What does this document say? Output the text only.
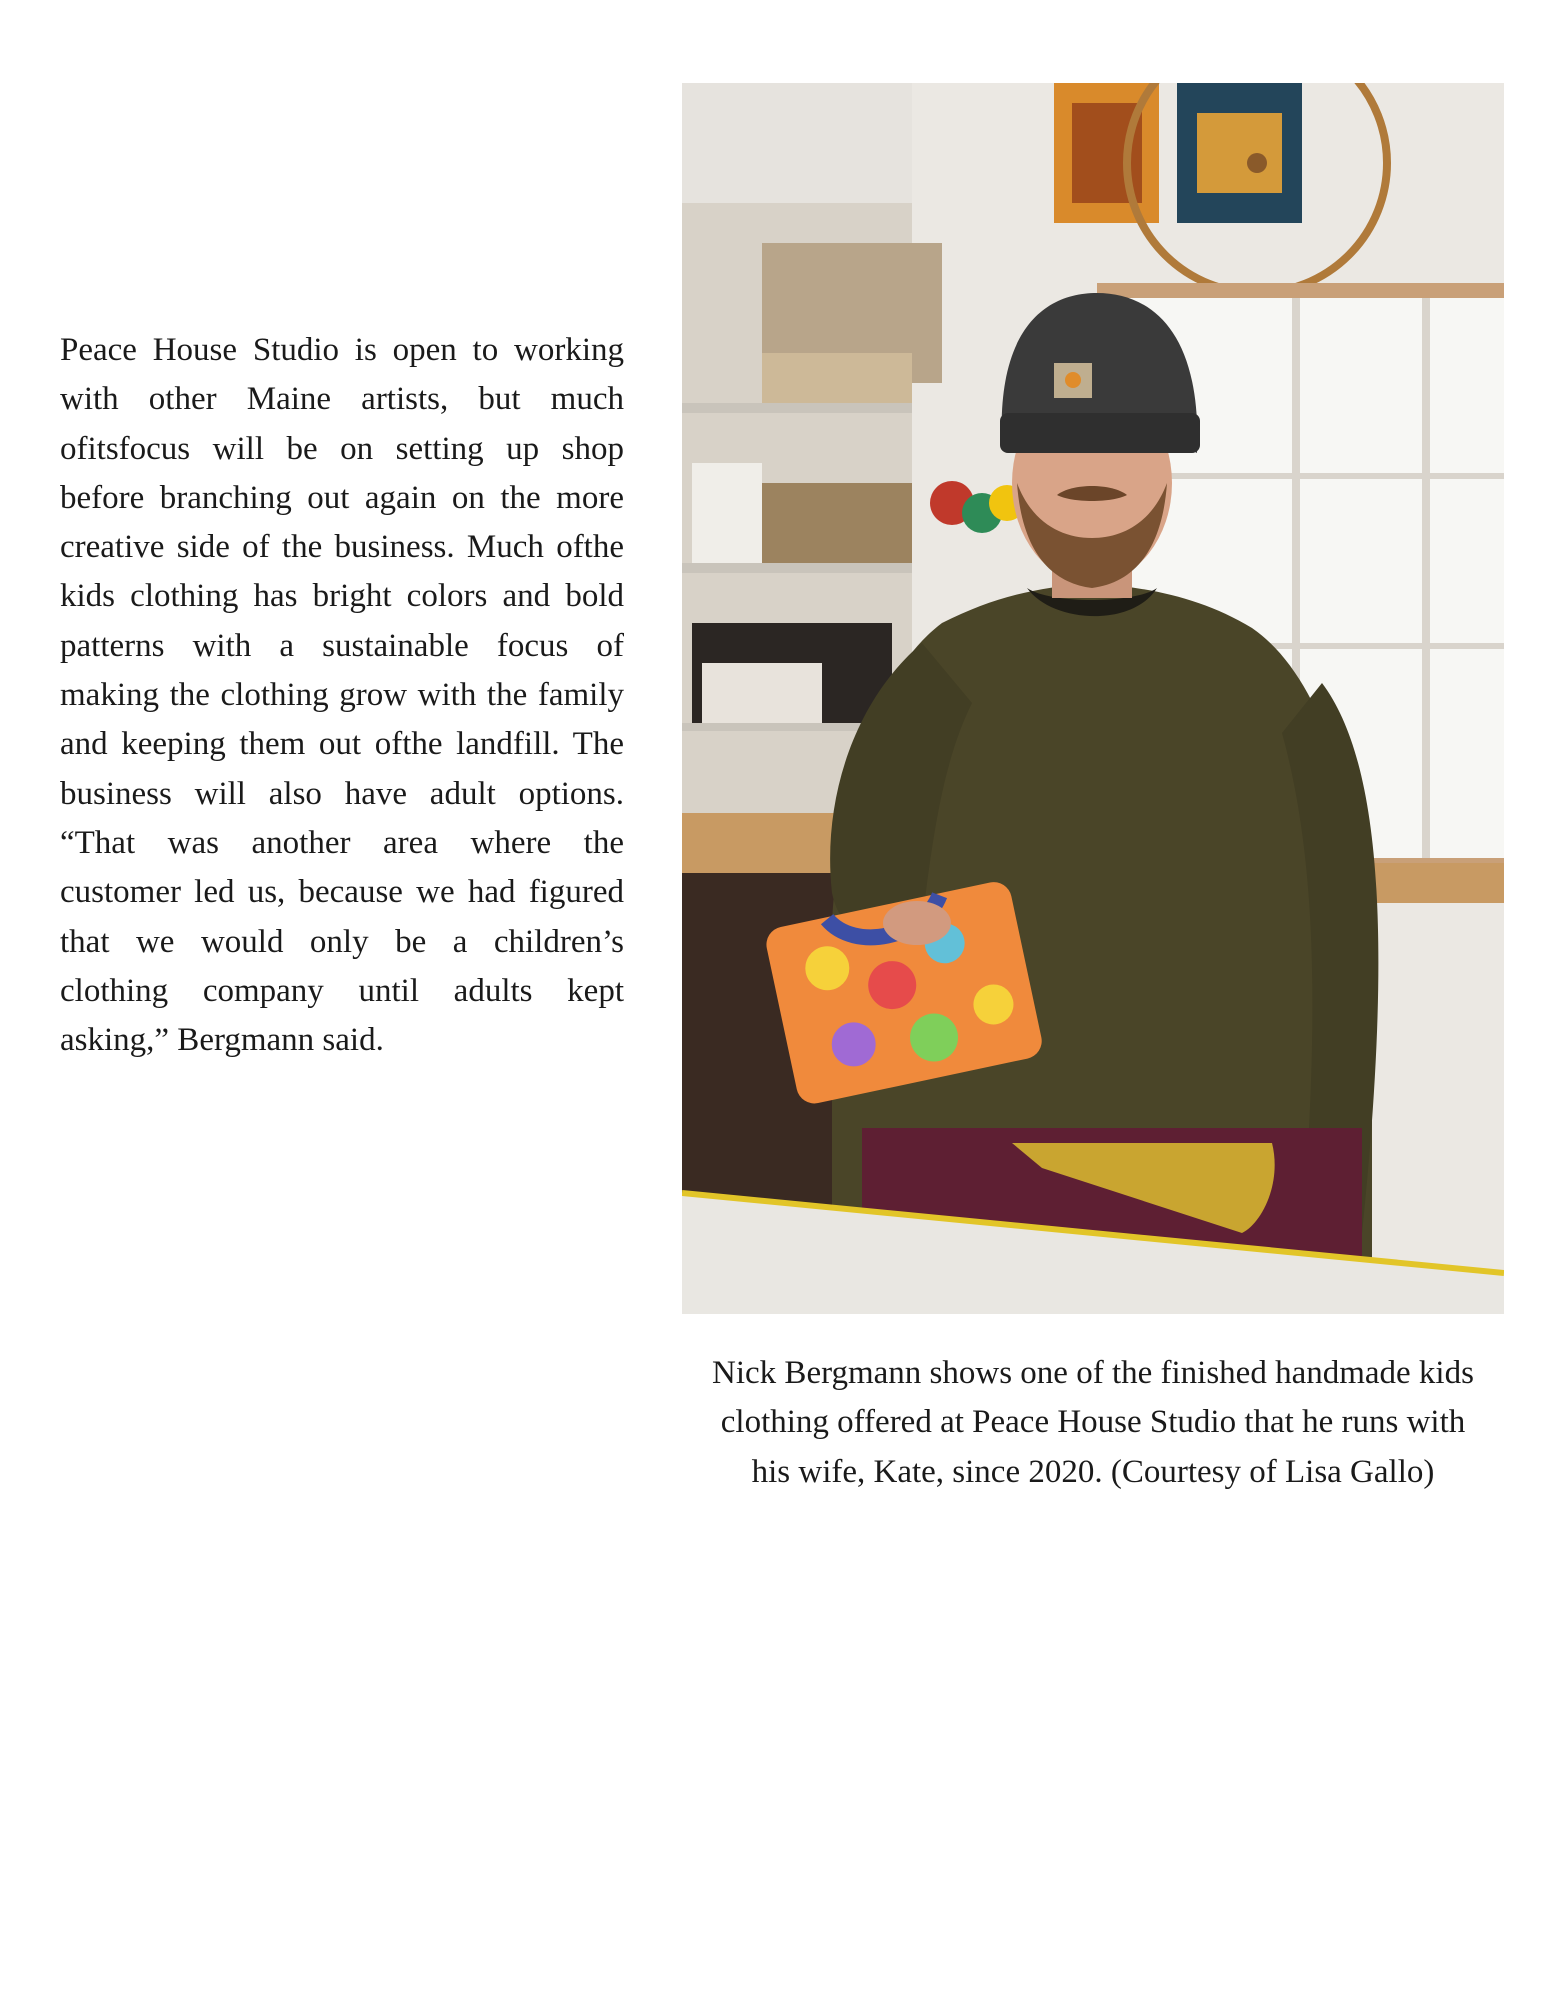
Peace House Studio is open to working with other Maine artists, but much ofitsfocus will be on setting up shop before branching out again on the more creative side of the business. Much ofthe kids clothing has bright colors and bold patterns with a sustainable focus of making the clothing grow with the family and keeping them out ofthe landfill. The business will also have adult options. “That was another area where the customer led us, because we had figured that we would only be a children’s clothing company until adults kept asking,” Bergmann said.

Nick Bergmann shows one of the finished handmade kids clothing offered at Peace House Studio that he runs with his wife, Kate, since 2020. (Courtesy of Lisa Gallo)
